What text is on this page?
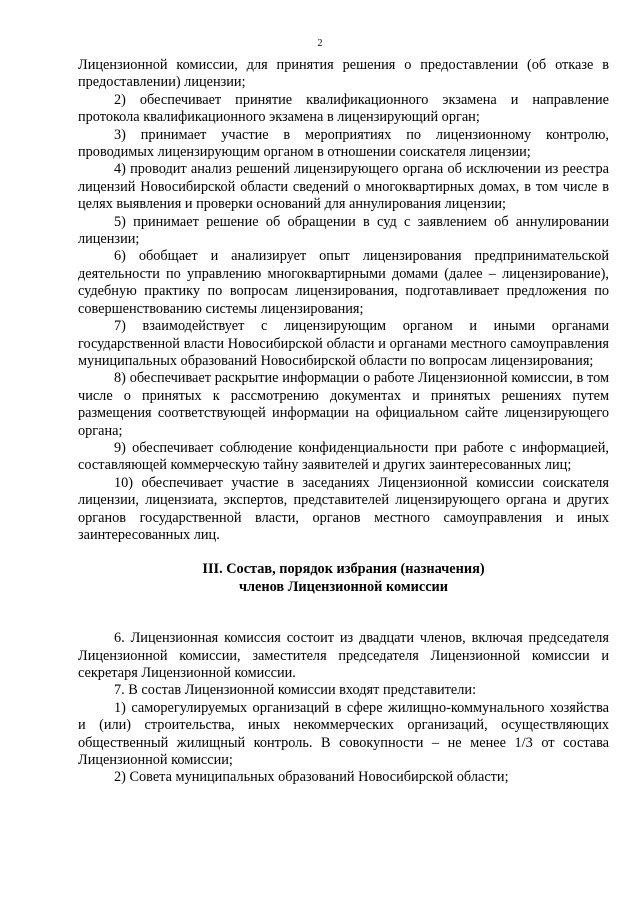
2

Лицензионной комиссии, для принятия решения о предоставлении (об отказе в предоставлении) лицензии;

2) обеспечивает принятие квалификационного экзамена и направление протокола квалификационного экзамена в лицензирующий орган;

3) принимает участие в мероприятиях по лицензионному контролю, проводимых лицензирующим органом в отношении соискателя лицензии;

4) проводит анализ решений лицензирующего органа об исключении из реестра лицензий Новосибирской области сведений о многоквартирных домах, в том числе в целях выявления и проверки оснований для аннулирования лицензии;

5) принимает решение об обращении в суд с заявлением об аннулировании лицензии;

6) обобщает и анализирует опыт лицензирования предпринимательской деятельности по управлению многоквартирными домами (далее – лицензирование), судебную практику по вопросам лицензирования, подготавливает предложения по совершенствованию системы лицензирования;

7) взаимодействует с лицензирующим органом и иными органами государственной власти Новосибирской области и органами местного самоуправления муниципальных образований Новосибирской области по вопросам лицензирования;

8) обеспечивает раскрытие информации о работе Лицензионной комиссии, в том числе о принятых к рассмотрению документах и принятых решениях путем размещения соответствующей информации на официальном сайте лицензирующего органа;

9) обеспечивает соблюдение конфиденциальности при работе с информацией, составляющей коммерческую тайну заявителей и других заинтересованных лиц;

10) обеспечивает участие в заседаниях Лицензионной комиссии соискателя лицензии, лицензиата, экспертов, представителей лицензирующего органа и других органов государственной власти, органов местного самоуправления и иных заинтересованных лиц.

III. Состав, порядок избрания (назначения)

членов Лицензионной комиссии

6. Лицензионная комиссия состоит из двадцати членов, включая председателя Лицензионной комиссии, заместителя председателя Лицензионной комиссии и секретаря Лицензионной комиссии.

7. В состав Лицензионной комиссии входят представители:

1) саморегулируемых организаций в сфере жилищно-коммунального хозяйства и (или) строительства, иных некоммерческих организаций, осуществляющих общественный жилищный контроль. В совокупности – не менее 1/3 от состава Лицензионной комиссии;

2) Совета муниципальных образований Новосибирской области;
